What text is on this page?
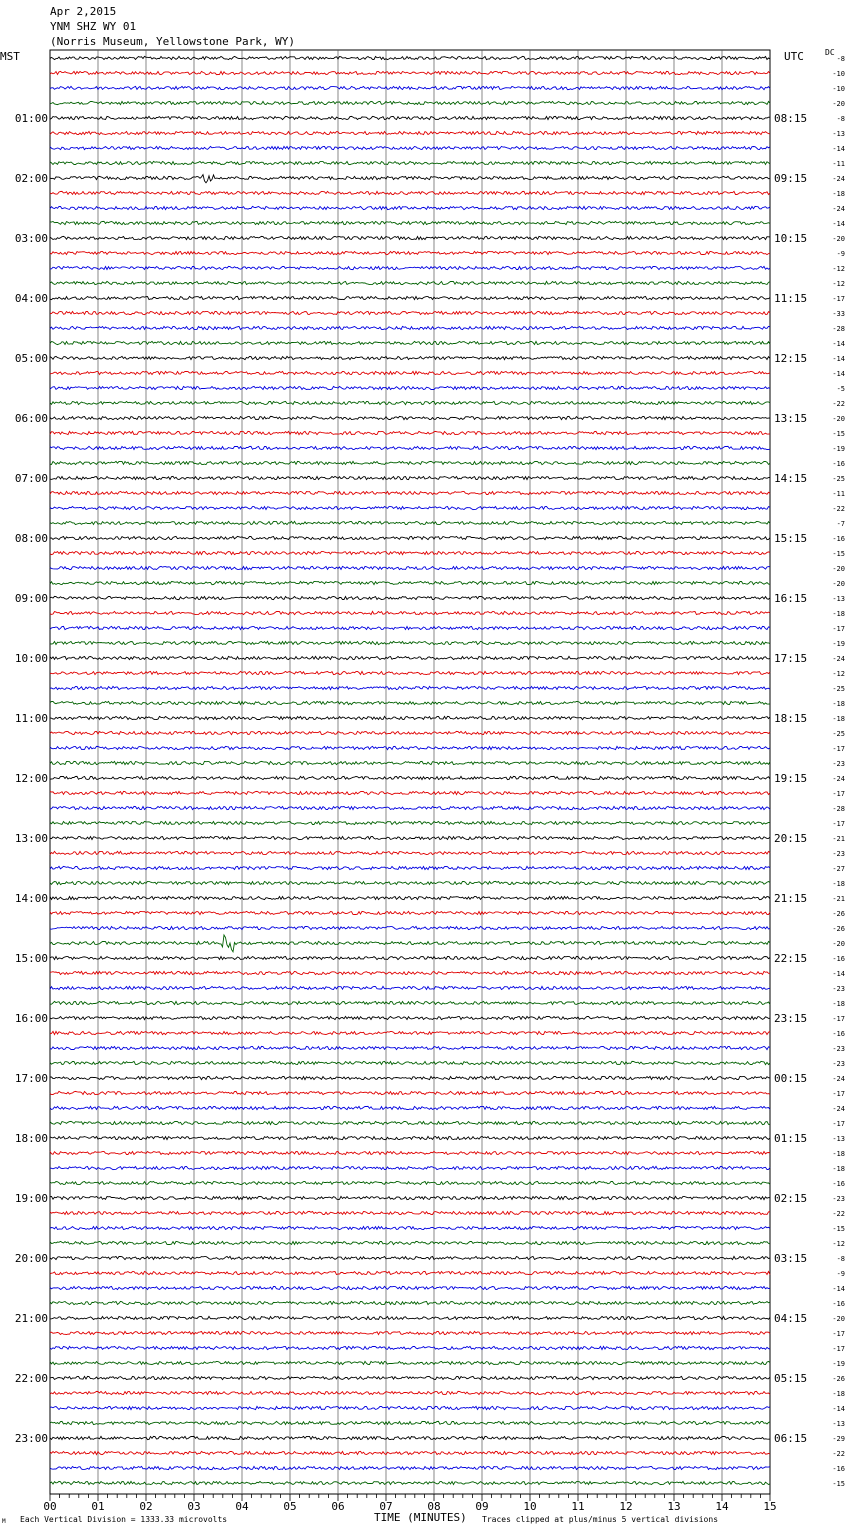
Apr 2,2015
YNM SHZ WY 01
(Norris Museum, Yellowstone Park, WY)
MST	UTC	DC
-8
-10
-10
-20
-8
-13
-14
-11
-24
-18
-24
-14
-20
-9
-12
-12
-17
-33
-28
-14
-14
-14
-5
-22
-20
-15
-19
-16
-25
-11
-22
-7
-16
-15
-20
-20
-13
-18
-17
-19
-24
-12
-25
-18
-18
-25
-17
-23
-24
-17
-28
-17
-21
-23
-27
-18
-21
-26
-26
-20
-16
-14
-23
-18
-17
-16
-23
-23
-24
-17
-24
-17
-13
-18
-18
-16
-23
-22
-15
-12
-8
-9
-14
-16
-20
-17
-17
-19
-26
-18
-14
-13
-29
-22
-16
-15
01:00
02:00
03:00
04:00
05:00
06:00
07:00
08:00
09:00
10:00
11:00
12:00
13:00
14:00
15:00
16:00
17:00
18:00
19:00
20:00
21:00
22:00
23:00
08:15
09:15
10:15
11:15
12:15
13:15
14:15
15:15
16:15
17:15
18:15
19:15
20:15
21:15
22:15
23:15
00:15
01:15
02:15
03:15
04:15
05:15
06:15
00	01	02	03	04	05	06	07	08	09	10	11	12	13	14	15
TIME (MINUTES)
Each Vertical Division = 1333.33 microvolts	Traces clipped at plus/minus 5 vertical divisions
M
